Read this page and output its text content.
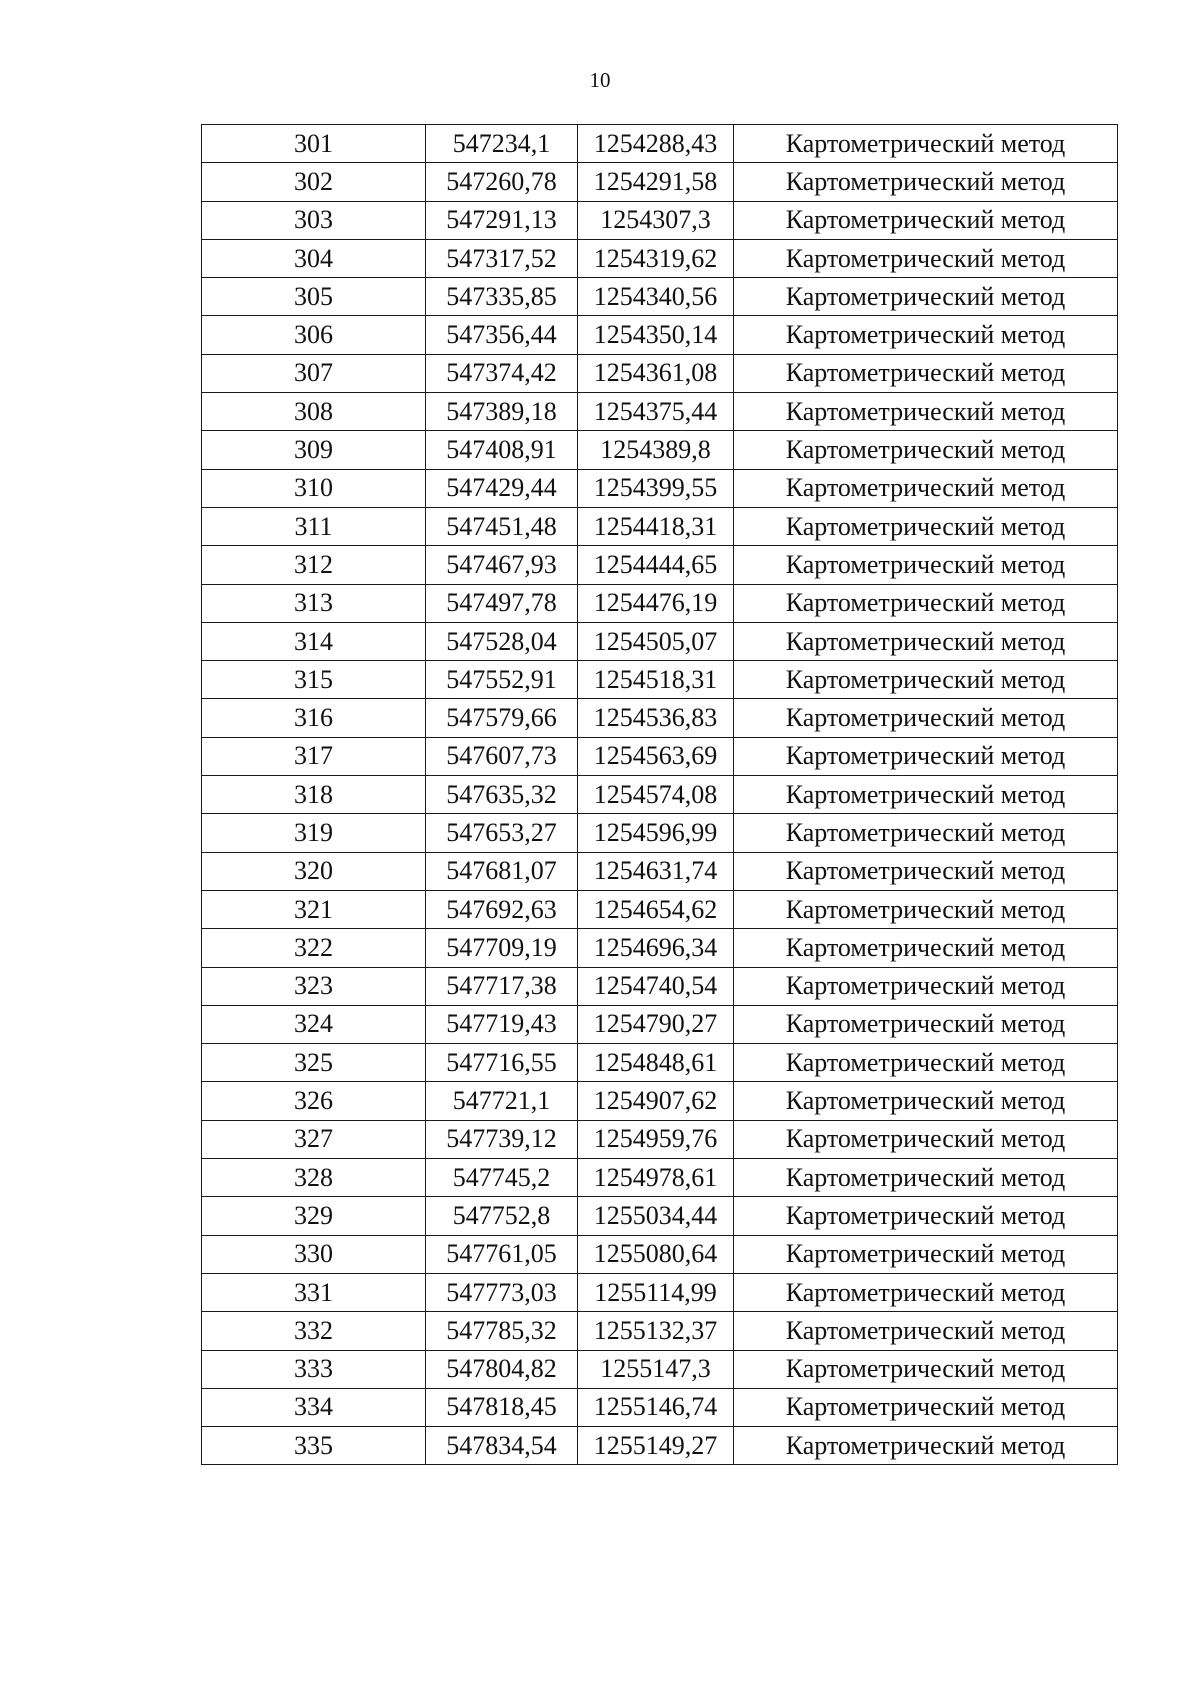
10
301	547234,1	1254288,43	Картометрический метод
302	547260,78	1254291,58	Картометрический метод
303	547291,13	1254307,3	Картометрический метод
304	547317,52	1254319,62	Картометрический метод
305	547335,85	1254340,56	Картометрический метод
306	547356,44	1254350,14	Картометрический метод
307	547374,42	1254361,08	Картометрический метод
308	547389,18	1254375,44	Картометрический метод
309	547408,91	1254389,8	Картометрический метод
310	547429,44	1254399,55	Картометрический метод
311	547451,48	1254418,31	Картометрический метод
312	547467,93	1254444,65	Картометрический метод
313	547497,78	1254476,19	Картометрический метод
314	547528,04	1254505,07	Картометрический метод
315	547552,91	1254518,31	Картометрический метод
316	547579,66	1254536,83	Картометрический метод
317	547607,73	1254563,69	Картометрический метод
318	547635,32	1254574,08	Картометрический метод
319	547653,27	1254596,99	Картометрический метод
320	547681,07	1254631,74	Картометрический метод
321	547692,63	1254654,62	Картометрический метод
322	547709,19	1254696,34	Картометрический метод
323	547717,38	1254740,54	Картометрический метод
324	547719,43	1254790,27	Картометрический метод
325	547716,55	1254848,61	Картометрический метод
326	547721,1	1254907,62	Картометрический метод
327	547739,12	1254959,76	Картометрический метод
328	547745,2	1254978,61	Картометрический метод
329	547752,8	1255034,44	Картометрический метод
330	547761,05	1255080,64	Картометрический метод
331	547773,03	1255114,99	Картометрический метод
332	547785,32	1255132,37	Картометрический метод
333	547804,82	1255147,3	Картометрический метод
334	547818,45	1255146,74	Картометрический метод
335	547834,54	1255149,27	Картометрический метод
